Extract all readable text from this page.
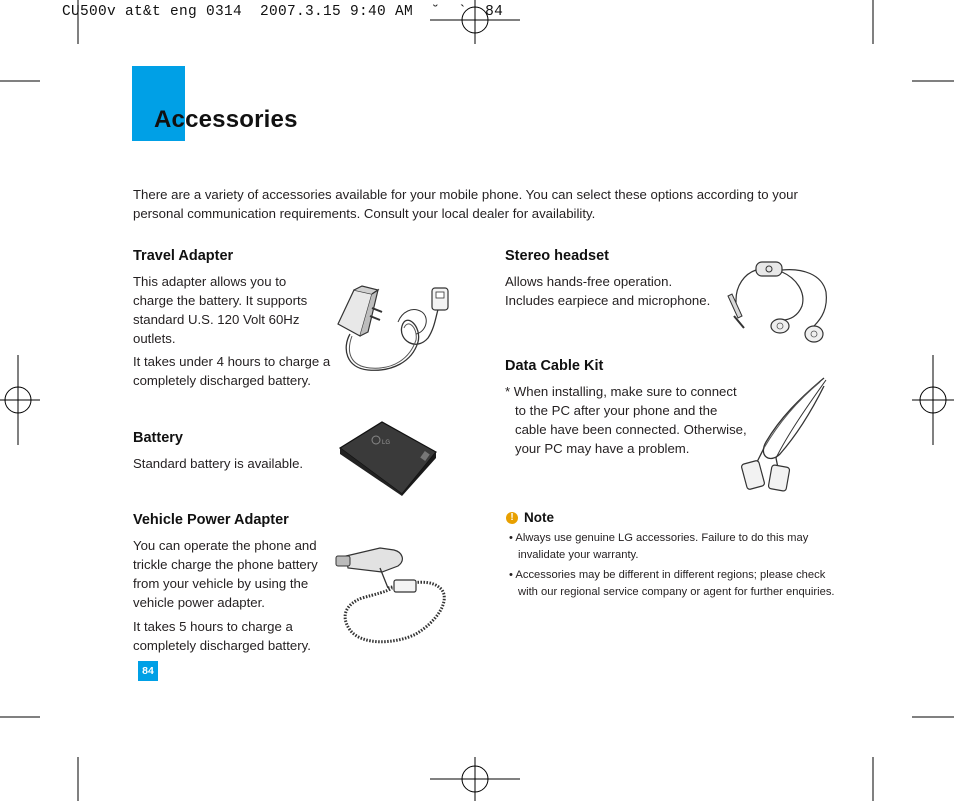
CU500v at&t eng 0314  2007.3.15 9:40 AM  ˘  `  84
Accessories
There are a variety of accessories available for your mobile phone. You can select these options according to your personal communication requirements. Consult your local dealer for availability.
Travel Adapter
This adapter allows you to charge the battery. It supports standard U.S. 120 Volt 60Hz outlets.
It takes under 4 hours to charge a completely discharged battery.
Battery
Standard battery is available.
LG
Vehicle Power Adapter
You can operate the phone and trickle charge the phone battery from your vehicle by using the vehicle power adapter.
It takes 5 hours to charge a completely discharged battery.
Stereo headset
Allows hands-free operation. Includes earpiece and microphone.
Data Cable Kit
* When installing, make sure to connect to the PC after your phone and the cable have been connected. Otherwise, your PC may have a problem.
! Note
• Always use genuine LG accessories. Failure to do this may invalidate your warranty.
• Accessories may be different in different regions; please check with our regional service company or agent for further enquiries.
84
